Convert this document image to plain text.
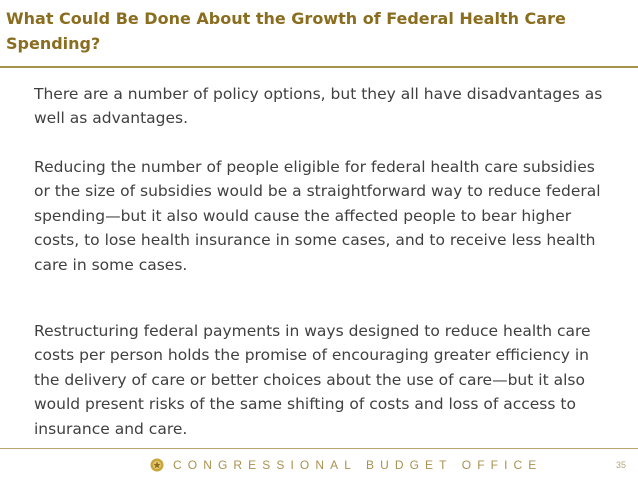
What Could Be Done About the Growth of Federal Health Care Spending?

There are a number of policy options, but they all have disadvantages as well as advantages.

Reducing the number of people eligible for federal health care subsidies or the size of subsidies would be a straightforward way to reduce federal spending—but it also would cause the affected people to bear higher costs, to lose health insurance in some cases, and to receive less health care in some cases.

Restructuring federal payments in ways designed to reduce health care costs per person holds the promise of encouraging greater efficiency in the delivery of care or better choices about the use of care—but it also would present risks of the same shifting of costs and loss of access to insurance and care.

CONGRESSIONAL BUDGET OFFICE	35
